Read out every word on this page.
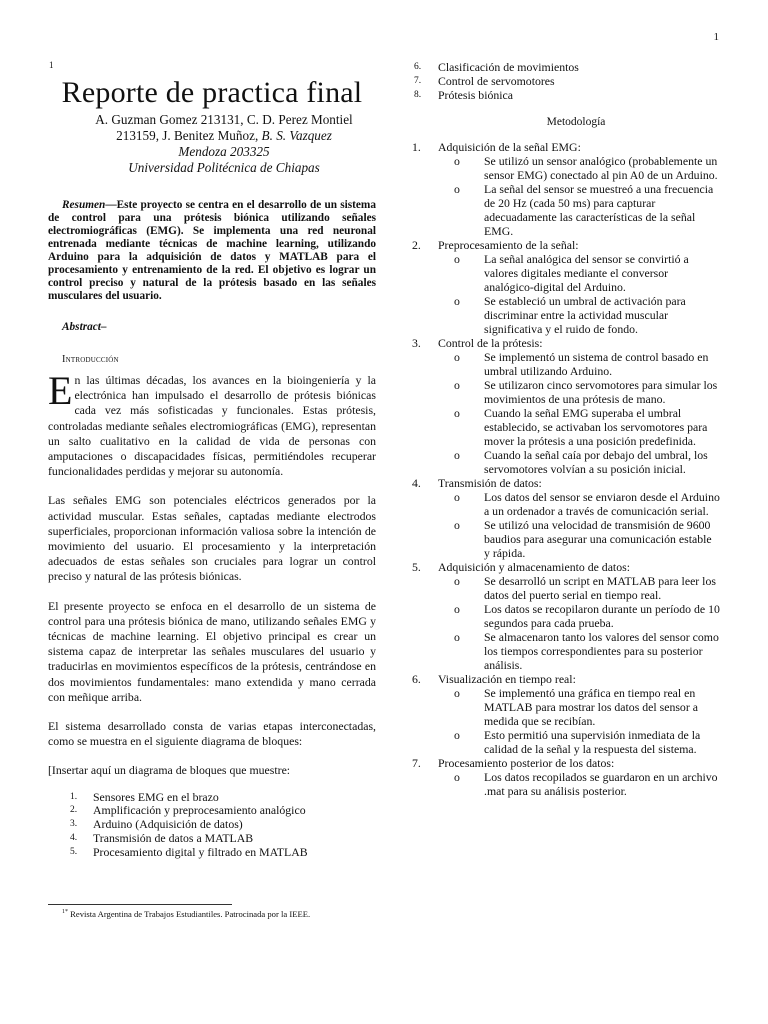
1
1
Reporte de practica final
A. Guzman Gomez 213131, C. D. Perez Montiel
213159, J. Benitez Muñoz, B. S. Vazquez
Mendoza 203325
Universidad Politécnica de Chiapas
Resumen—Este proyecto se centra en el desarrollo de un sistema de control para una prótesis biónica utilizando señales electromiográficas (EMG). Se implementa una red neuronal entrenada mediante técnicas de machine learning, utilizando Arduino para la adquisición de datos y MATLAB para el procesamiento y entrenamiento de la red. El objetivo es lograr un control preciso y natural de la prótesis basado en las señales musculares del usuario.
Abstract–
Introducción
En las últimas décadas, los avances en la bioingeniería y la electrónica han impulsado el desarrollo de prótesis biónicas cada vez más sofisticadas y funcionales. Estas prótesis, controladas mediante señales electromiográficas (EMG), representan un salto cualitativo en la calidad de vida de personas con amputaciones o discapacidades físicas, permitiéndoles recuperar funcionalidades perdidas y mejorar su autonomía.
Las señales EMG son potenciales eléctricos generados por la actividad muscular. Estas señales, captadas mediante electrodos superficiales, proporcionan información valiosa sobre la intención de movimiento del usuario. El procesamiento y la interpretación adecuados de estas señales son cruciales para lograr un control preciso y natural de las prótesis biónicas.
El presente proyecto se enfoca en el desarrollo de un sistema de control para una prótesis biónica de mano, utilizando señales EMG y técnicas de machine learning. El objetivo principal es crear un sistema capaz de interpretar las señales musculares del usuario y traducirlas en movimientos específicos de la prótesis, centrándose en dos movimientos fundamentales: mano extendida y mano cerrada con meñique arriba.
El sistema desarrollado consta de varias etapas interconectadas, como se muestra en el siguiente diagrama de bloques:
[Insertar aquí un diagrama de bloques que muestre:
1.	Sensores EMG en el brazo
2.	Amplificación y preprocesamiento analógico
3.	Arduino (Adquisición de datos)
4.	Transmisión de datos a MATLAB
5.	Procesamiento digital y filtrado en MATLAB
$^{1*}$ Revista Argentina de Trabajos Estudiantiles. Patrocinada por la IEEE.
6.	Clasificación de movimientos
7.	Control de servomotores
8.	Prótesis biónica
Metodología
1.	Adquisición de la señal EMG:
o	Se utilizó un sensor analógico (probablemente un sensor EMG) conectado al pin A0 de un Arduino.
o	La señal del sensor se muestreó a una frecuencia de 20 Hz (cada 50 ms) para capturar adecuadamente las características de la señal EMG.
2.	Preprocesamiento de la señal:
o	La señal analógica del sensor se convirtió a valores digitales mediante el conversor analógico-digital del Arduino.
o	Se estableció un umbral de activación para discriminar entre la actividad muscular significativa y el ruido de fondo.
3.	Control de la prótesis:
o	Se implementó un sistema de control basado en umbral utilizando Arduino.
o	Se utilizaron cinco servomotores para simular los movimientos de una prótesis de mano.
o	Cuando la señal EMG superaba el umbral establecido, se activaban los servomotores para mover la prótesis a una posición predefinida.
o	Cuando la señal caía por debajo del umbral, los servomotores volvían a su posición inicial.
4.	Transmisión de datos:
o	Los datos del sensor se enviaron desde el Arduino a un ordenador a través de comunicación serial.
o	Se utilizó una velocidad de transmisión de 9600 baudios para asegurar una comunicación estable y rápida.
5.	Adquisición y almacenamiento de datos:
o	Se desarrolló un script en MATLAB para leer los datos del puerto serial en tiempo real.
o	Los datos se recopilaron durante un período de 10 segundos para cada prueba.
o	Se almacenaron tanto los valores del sensor como los tiempos correspondientes para su posterior análisis.
6.	Visualización en tiempo real:
o	Se implementó una gráfica en tiempo real en MATLAB para mostrar los datos del sensor a medida que se recibían.
o	Esto permitió una supervisión inmediata de la calidad de la señal y la respuesta del sistema.
7.	Procesamiento posterior de los datos:
o	Los datos recopilados se guardaron en un archivo .mat para su análisis posterior.
